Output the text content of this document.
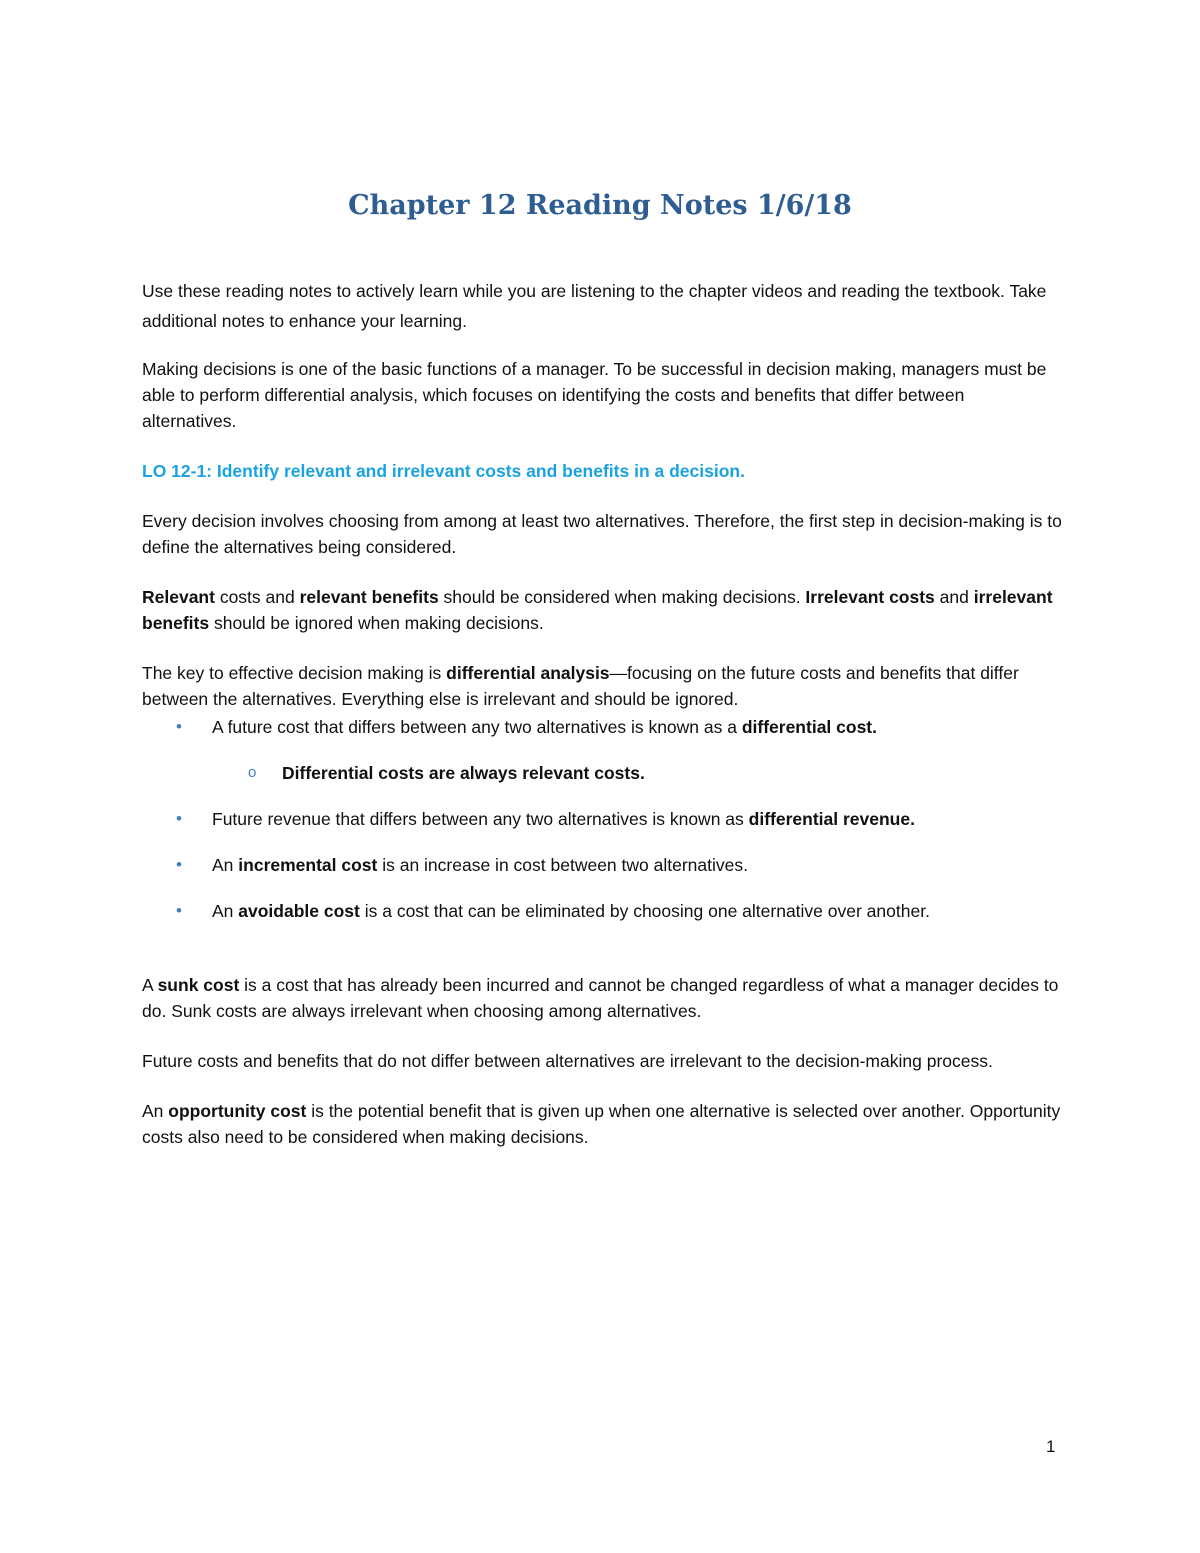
Chapter 12 Reading Notes 1/6/18

Use these reading notes to actively learn while you are listening to the chapter videos and reading the textbook. Take additional notes to enhance your learning.

Making decisions is one of the basic functions of a manager. To be successful in decision making, managers must be able to perform differential analysis, which focuses on identifying the costs and benefits that differ between alternatives.

LO 12-1: Identify relevant and irrelevant costs and benefits in a decision.

Every decision involves choosing from among at least two alternatives. Therefore, the first step in decision-making is to define the alternatives being considered.

Relevant costs and relevant benefits should be considered when making decisions. Irrelevant costs and irrelevant benefits should be ignored when making decisions.

The key to effective decision making is differential analysis—focusing on the future costs and benefits that differ between the alternatives. Everything else is irrelevant and should be ignored.

• A future cost that differs between any two alternatives is known as a differential cost.
o Differential costs are always relevant costs.
• Future revenue that differs between any two alternatives is known as differential revenue.
• An incremental cost is an increase in cost between two alternatives.
• An avoidable cost is a cost that can be eliminated by choosing one alternative over another.

A sunk cost is a cost that has already been incurred and cannot be changed regardless of what a manager decides to do. Sunk costs are always irrelevant when choosing among alternatives.

Future costs and benefits that do not differ between alternatives are irrelevant to the decision-making process.

An opportunity cost is the potential benefit that is given up when one alternative is selected over another. Opportunity costs also need to be considered when making decisions.

1
